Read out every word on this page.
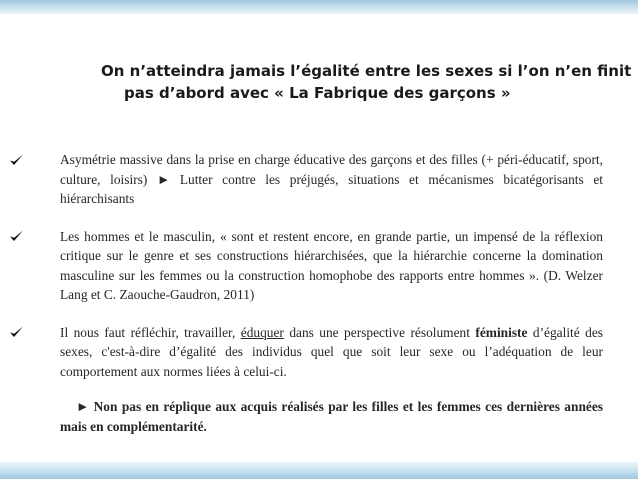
On n’atteindra jamais l’égalité entre les sexes si l’on n’en finit
pas d’abord avec « La Fabrique des garçons »
Asymétrie massive dans la prise en charge éducative des garçons et des filles (+ péri-éducatif, sport, culture, loisirs) ► Lutter contre les préjugés, situations et mécanismes bicatégorisants et hiérarchisants
Les hommes et le masculin, « sont et restent encore, en grande partie, un impensé de la réflexion critique sur le genre et ses constructions hiérarchisées, que la hiérarchie concerne la domination masculine sur les femmes ou la construction homophobe des rapports entre hommes ». (D. Welzer Lang et C. Zaouche-Gaudron, 2011)
Il nous faut réfléchir, travailler, éduquer dans une perspective résolument féministe d’égalité des sexes, c'est-à-dire d’égalité des individus quel que soit leur sexe ou l’adéquation de leur comportement aux normes liées à celui-ci.

► Non pas en réplique aux acquis réalisés par les filles et les femmes ces dernières années mais en complémentarité.
